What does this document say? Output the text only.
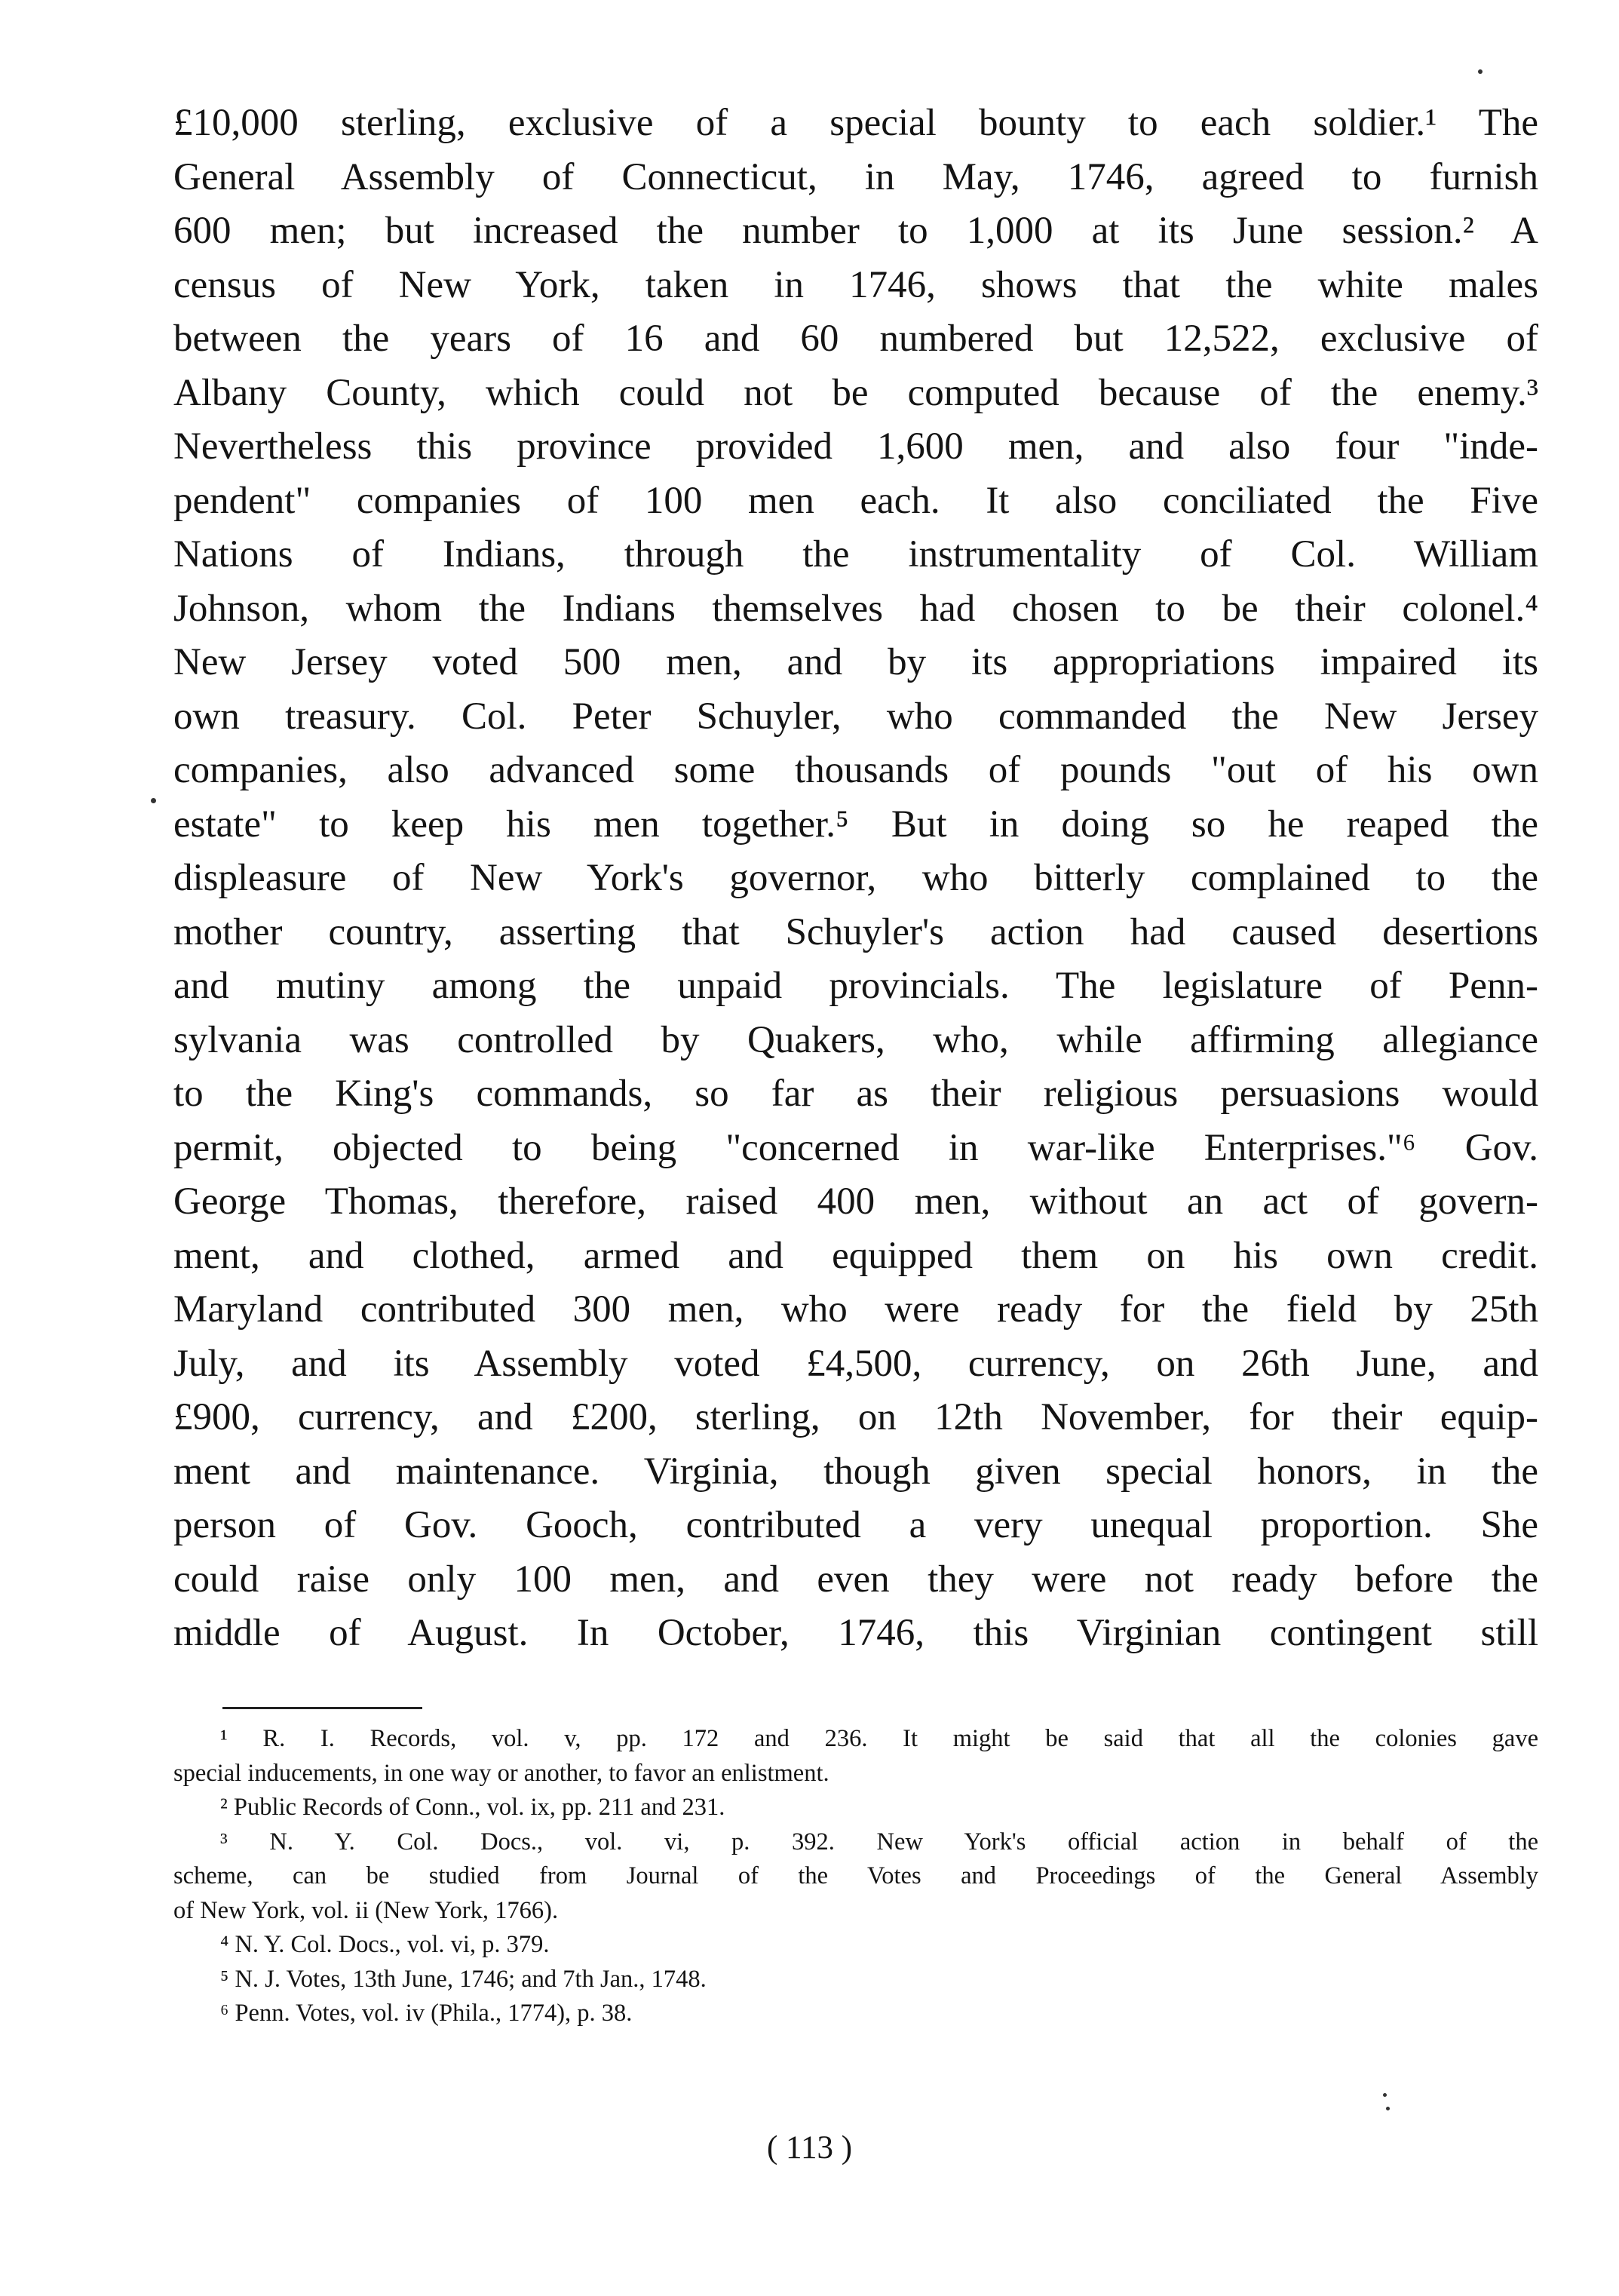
£10,000 sterling, exclusive of a special bounty to each soldier.¹ The
General Assembly of Connecticut, in May, 1746, agreed to furnish
600 men; but increased the number to 1,000 at its June session.² A
census of New York, taken in 1746, shows that the white males
between the years of 16 and 60 numbered but 12,522, exclusive of
Albany County, which could not be computed because of the enemy.³
Nevertheless this province provided 1,600 men, and also four "inde-
pendent" companies of 100 men each. It also conciliated the Five
Nations of Indians, through the instrumentality of Col. William
Johnson, whom the Indians themselves had chosen to be their colonel.⁴
New Jersey voted 500 men, and by its appropriations impaired its
own treasury. Col. Peter Schuyler, who commanded the New Jersey
companies, also advanced some thousands of pounds "out of his own
estate" to keep his men together.⁵ But in doing so he reaped the
displeasure of New York's governor, who bitterly complained to the
mother country, asserting that Schuyler's action had caused desertions
and mutiny among the unpaid provincials. The legislature of Penn-
sylvania was controlled by Quakers, who, while affirming allegiance
to the King's commands, so far as their religious persuasions would
permit, objected to being "concerned in war-like Enterprises."⁶ Gov.
George Thomas, therefore, raised 400 men, without an act of govern-
ment, and clothed, armed and equipped them on his own credit.
Maryland contributed 300 men, who were ready for the field by 25th
July, and its Assembly voted £4,500, currency, on 26th June, and
£900, currency, and £200, sterling, on 12th November, for their equip-
ment and maintenance. Virginia, though given special honors, in the
person of Gov. Gooch, contributed a very unequal proportion. She
could raise only 100 men, and even they were not ready before the
middle of August. In October, 1746, this Virginian contingent still
¹ R. I. Records, vol. v, pp. 172 and 236. It might be said that all the colonies gave
special inducements, in one way or another, to favor an enlistment.
² Public Records of Conn., vol. ix, pp. 211 and 231.
³ N. Y. Col. Docs., vol. vi, p. 392. New York's official action in behalf of the
scheme, can be studied from Journal of the Votes and Proceedings of the General Assembly
of New York, vol. ii (New York, 1766).
⁴ N. Y. Col. Docs., vol. vi, p. 379.
⁵ N. J. Votes, 13th June, 1746; and 7th Jan., 1748.
⁶ Penn. Votes, vol. iv (Phila., 1774), p. 38.
( 113 )
